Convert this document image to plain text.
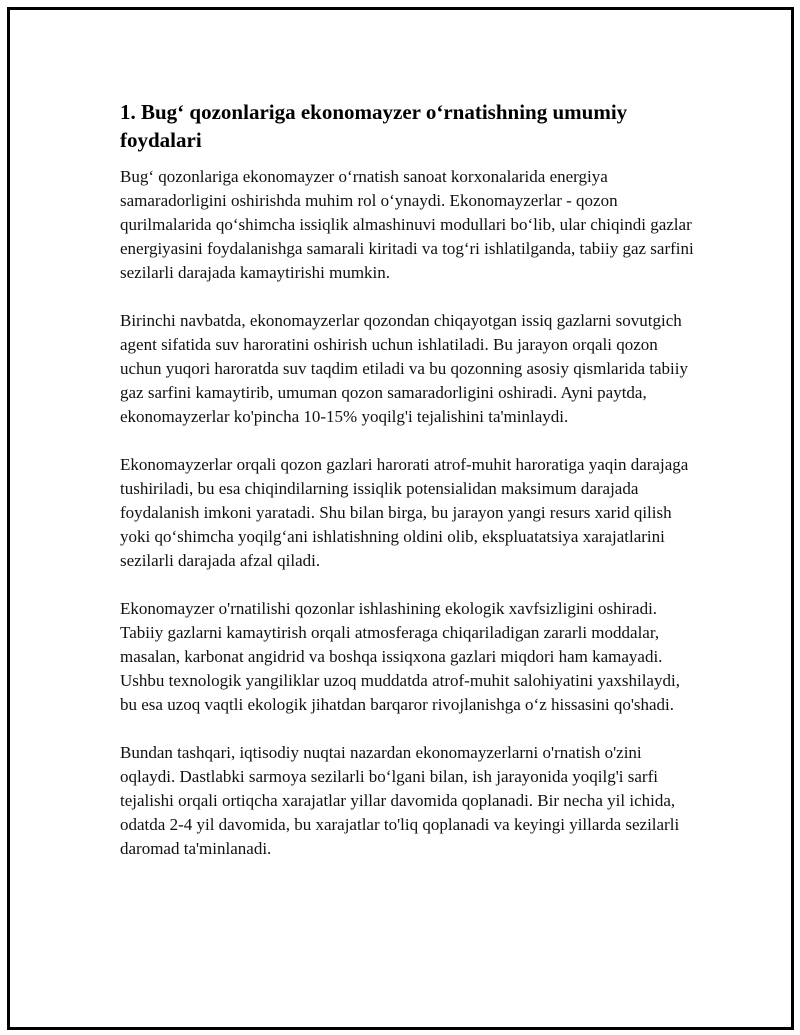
1. Bug‘ qozonlariga ekonomayzer o‘rnatishning umumiy foydalari

Bug‘ qozonlariga ekonomayzer o‘rnatish sanoat korxonalarida energiya samaradorligini oshirishda muhim rol o‘ynaydi. Ekonomayzerlar - qozon qurilmalarida qo‘shimcha issiqlik almashinuvi modullari bo‘lib, ular chiqindi gazlar energiyasini foydalanishga samarali kiritadi va tog‘ri ishlatilganda, tabiiy gaz sarfini sezilarli darajada kamaytirishi mumkin.

Birinchi navbatda, ekonomayzerlar qozondan chiqayotgan issiq gazlarni sovutgich agent sifatida suv haroratini oshirish uchun ishlatiladi. Bu jarayon orqali qozon uchun yuqori haroratda suv taqdim etiladi va bu qozonning asosiy qismlarida tabiiy gaz sarfini kamaytirib, umuman qozon samaradorligini oshiradi. Ayni paytda, ekonomayzerlar ko'pincha 10-15% yoqilg'i tejalishini ta'minlaydi.

Ekonomayzerlar orqali qozon gazlari harorati atrof-muhit haroratiga yaqin darajaga tushiriladi, bu esa chiqindilarning issiqlik potensialidan maksimum darajada foydalanish imkoni yaratadi. Shu bilan birga, bu jarayon yangi resurs xarid qilish yoki qo‘shimcha yoqilg‘ani ishlatishning oldini olib, ekspluatatsiya xarajatlarini sezilarli darajada afzal qiladi.

Ekonomayzer o'rnatilishi qozonlar ishlashining ekologik xavfsizligini oshiradi. Tabiiy gazlarni kamaytirish orqali atmosferaga chiqariladigan zararli moddalar, masalan, karbonat angidrid va boshqa issiqxona gazlari miqdori ham kamayadi. Ushbu texnologik yangiliklar uzoq muddatda atrof-muhit salohiyatini yaxshilaydi, bu esa uzoq vaqtli ekologik jihatdan barqaror rivojlanishga o‘z hissasini qo'shadi.

Bundan tashqari, iqtisodiy nuqtai nazardan ekonomayzerlarni o'rnatish o'zini oqlaydi. Dastlabki sarmoya sezilarli bo‘lgani bilan, ish jarayonida yoqilg'i sarfi tejalishi orqali ortiqcha xarajatlar yillar davomida qoplanadi. Bir necha yil ichida, odatda 2-4 yil davomida, bu xarajatlar to'liq qoplanadi va keyingi yillarda sezilarli daromad ta'minlanadi.
